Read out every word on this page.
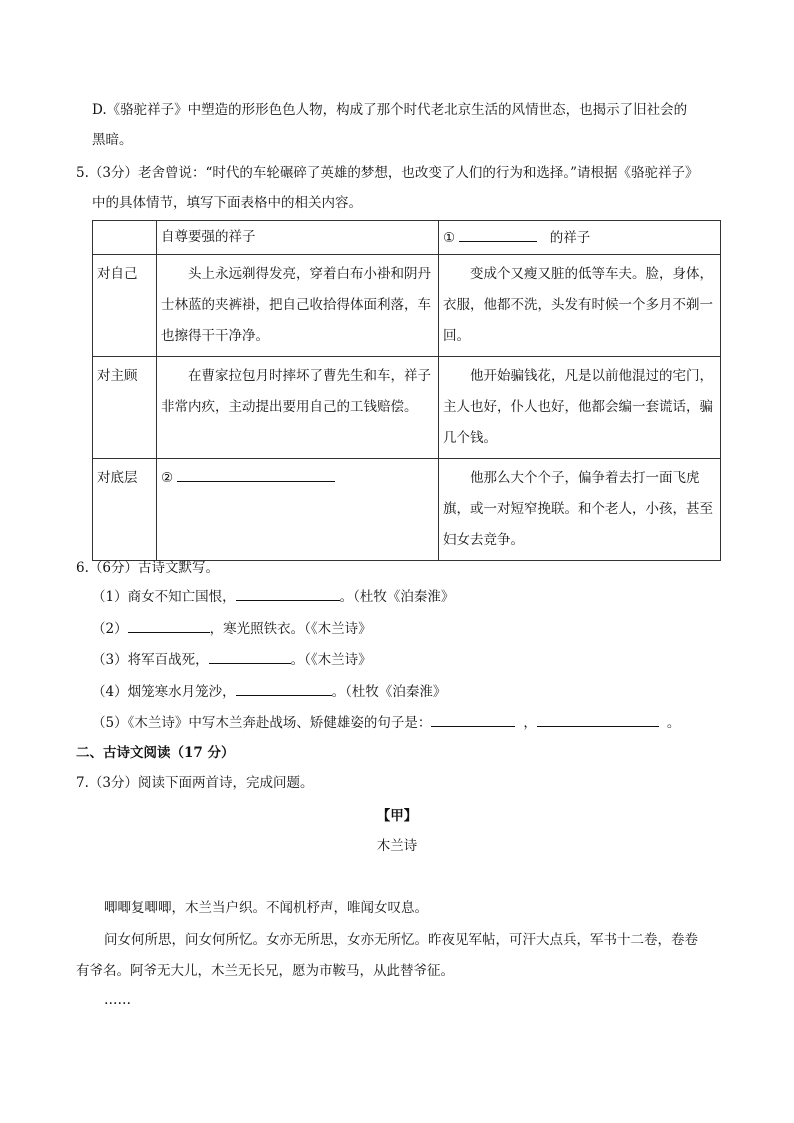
D.《骆驼祥子》中塑造的形形色色人物，构成了那个时代老北京生活的风情世态，也揭示了旧社会的
黑暗。
5.（3分）老舍曾说：“时代的车轮碾碎了英雄的梦想，也改变了人们的行为和选择。”请根据《骆驼祥子》
中的具体情节，填写下面表格中的相关内容。
	自尊要强的祥子	① 的祥子
对自己	头上永远剃得发亮，穿着白布小褂和阴丹士林蓝的夹裤褂，把自己收拾得体面利落，车也擦得干干净净。	变成个又瘦又脏的低等车夫。脸，身体，衣服，他都不洗，头发有时候一个多月不剃一回。
对主顾	在曹家拉包月时摔坏了曹先生和车，祥子非常内疚，主动提出要用自己的工钱赔偿。	他开始骗钱花，凡是以前他混过的宅门，主人也好，仆人也好，他都会编一套谎话，骗几个钱。
对底层	②	他那么大个个子，偏争着去打一面飞虎旗，或一对短窄挽联。和个老人，小孩，甚至妇女去竞争。
6.（6分）古诗文默写。
（1）商女不知亡国恨，	。（杜牧《泊秦淮》
（2）	，寒光照铁衣。（《木兰诗》
（3）将军百战死，	。（《木兰诗》
（4）烟笼寒水月笼沙，	。（杜牧《泊秦淮》
（5）《木兰诗》中写木兰奔赴战场、矫健雄姿的句子是：	，	。
二、古诗文阅读（17 分）
7.（3分）阅读下面两首诗，完成问题。
【甲】
木兰诗
唧唧复唧唧，木兰当户织。不闻机杼声，唯闻女叹息。
问女何所思，问女何所忆。女亦无所思，女亦无所忆。昨夜见军帖，可汗大点兵，军书十二卷，卷卷
有爷名。阿爷无大儿，木兰无长兄，愿为市鞍马，从此替爷征。
……
